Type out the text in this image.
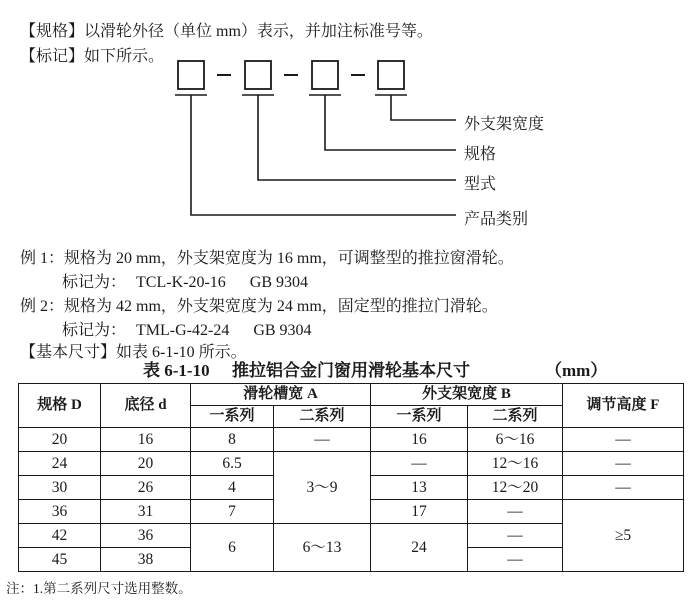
【规格】以滑轮外径（单位 mm）表示，并加注标准号等。
【标记】如下所示。
外支架宽度
规格
型式
产品类别
例 1：规格为 20 mm，外支架宽度为 16 mm，可调整型的推拉窗滑轮。
标记为： TCL-K-20-16 GB 9304
例 2：规格为 42 mm，外支架宽度为 24 mm，固定型的推拉门滑轮。
标记为： TML-G-42-24 GB 9304
【基本尺寸】如表 6-1-10 所示。
表 6-1-10 推拉铝合金门窗用滑轮基本尺寸	（mm）
规格 D	底径 d	滑轮槽宽 A		外支架宽度 B		调节高度 F
		一系列	二系列	一系列	二系列	
20	16	8	—	16	6～16	—
24	20	6.5	3～9	—	12～16	—
30	26	4		13	12～20	—
36	31	7		17	—	≥5
42	36	6	6～13	24	—	
45	38				—	
注：1.第二系列尺寸选用整数。
